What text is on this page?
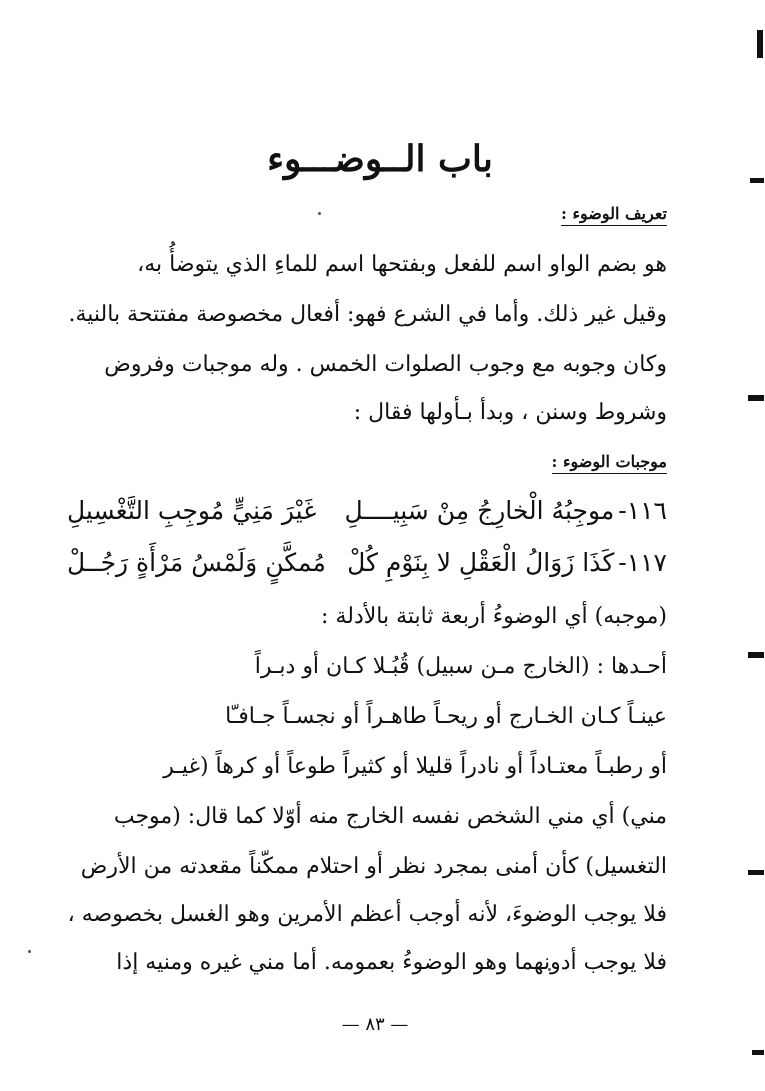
باب الــوضـــوء
تعريف الوضوء :
هو بضم الواو اسم للفعل وبفتحها اسم للماءِ الذي يتوضأُ به،
وقيل غير ذلك. وأما في الشرع فهو: أفعال مخصوصة مفتتحة بالنية.
وكان وجوبه مع وجوب الصلوات الخمس . وله موجبات وفروض
وشروط وسنن ، وبدأ بـأولها فقال :
موجبات الوضوء :
١١٦-موجِبُهُ الْخارِجُ مِنْ سَبِيــــلِ
غَيْرَ مَنِيٍّ مُوجِبِ التَّغْسِيلِ
١١٧-كَذَا زَوَالُ الْعَقْلِ لا بِنَوْمِ كُلْ
مُمكَّنٍ وَلَمْسُ مَرْأَةٍ رَجُــلْ
(موجبه) أي الوضوءُ أربعة ثابتة بالأدلة :
أحـدها : (الخارج مـن سبيل) قُبُـلا كـان أو دبـراً
عينـاً كـان الخـارج أو ريحـاً طاهـراً أو نجسـاً جـافـّا
أو رطبـاً معتـاداً أو نادراً قليلا أو كثيراً طوعاً أو كرهاً (غيـر
مني) أي مني الشخص نفسه الخارج منه أوّلا كما قال: (موجب
التغسيل) كأن أمنى بمجرد نظر أو احتلام ممكّناً مقعدته من الأرض
فلا يوجب الوضوءَ، لأنه أوجب أعظم الأمرين وهو الغسل بخصوصه ،
فلا يوجب أدونهما وهو الوضوءُ بعمومه. أما مني غيره ومنيه إذا
— ٨٣ —
